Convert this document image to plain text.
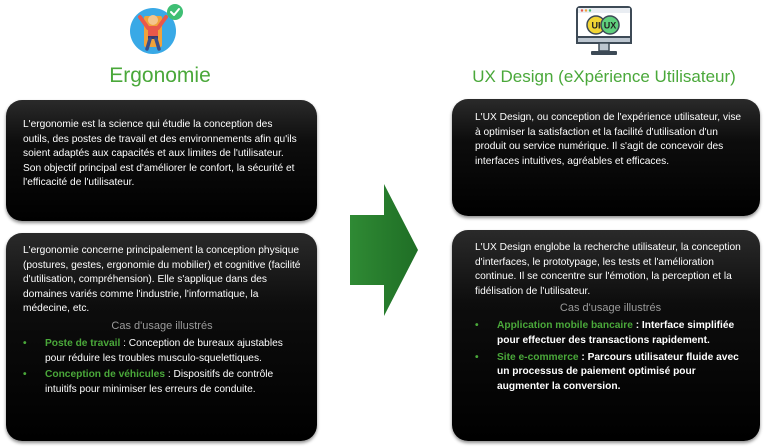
UI UX
Ergonomie	UX Design (eXpérience Utilisateur)

L'ergonomie est la science qui étudie la conception des outils, des postes de travail et des environnements afin qu'ils soient adaptés aux capacités et aux limites de l'utilisateur. Son objectif principal est d'améliorer le confort, la sécurité et l'efficacité de l'utilisateur.

L'ergonomie concerne principalement la conception physique (postures, gestes, ergonomie du mobilier) et cognitive (facilité d'utilisation, compréhension). Elle s'applique dans des domaines variés comme l'industrie, l'informatique, la médecine, etc.

Cas d'usage illustrés
• Poste de travail : Conception de bureaux ajustables pour réduire les troubles musculo-squelettiques.
• Conception de véhicules : Dispositifs de contrôle intuitifs pour minimiser les erreurs de conduite.

L'UX Design, ou conception de l'expérience utilisateur, vise à optimiser la satisfaction et la facilité d'utilisation d'un produit ou service numérique. Il s'agit de concevoir des interfaces intuitives, agréables et efficaces.

L'UX Design englobe la recherche utilisateur, la conception d'interfaces, le prototypage, les tests et l'amélioration continue. Il se concentre sur l'émotion, la perception et la fidélisation de l'utilisateur.

Cas d'usage illustrés
• Application mobile bancaire : Interface simplifiée pour effectuer des transactions rapidement.
• Site e-commerce : Parcours utilisateur fluide avec un processus de paiement optimisé pour augmenter la conversion.
